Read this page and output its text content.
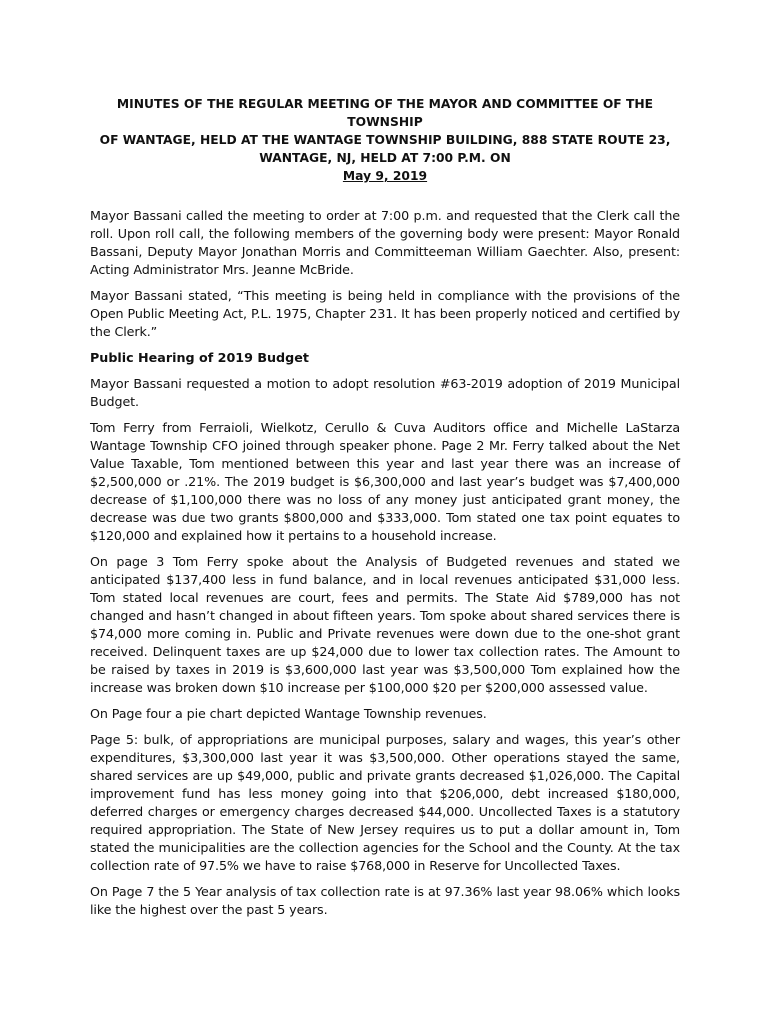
MINUTES OF THE REGULAR MEETING OF THE MAYOR AND COMMITTEE OF THE TOWNSHIP
OF WANTAGE, HELD AT THE WANTAGE TOWNSHIP BUILDING, 888 STATE ROUTE 23,
WANTAGE, NJ, HELD AT 7:00 P.M. ON
May 9, 2019

Mayor Bassani called the meeting to order at 7:00 p.m. and requested that the Clerk call the roll. Upon roll call, the following members of the governing body were present: Mayor Ronald Bassani, Deputy Mayor Jonathan Morris and Committeeman William Gaechter. Also, present: Acting Administrator Mrs. Jeanne McBride.

Mayor Bassani stated, “This meeting is being held in compliance with the provisions of the Open Public Meeting Act, P.L. 1975, Chapter 231. It has been properly noticed and certified by the Clerk.”

Public Hearing of 2019 Budget

Mayor Bassani requested a motion to adopt resolution #63-2019 adoption of 2019 Municipal Budget.

Tom Ferry from Ferraioli, Wielkotz, Cerullo & Cuva Auditors office and Michelle LaStarza Wantage Township CFO joined through speaker phone. Page 2 Mr. Ferry talked about the Net Value Taxable, Tom mentioned between this year and last year there was an increase of $2,500,000 or .21%. The 2019 budget is $6,300,000 and last year’s budget was $7,400,000 decrease of $1,100,000 there was no loss of any money just anticipated grant money, the decrease was due two grants $800,000 and $333,000. Tom stated one tax point equates to $120,000 and explained how it pertains to a household increase.

On page 3 Tom Ferry spoke about the Analysis of Budgeted revenues and stated we anticipated $137,400 less in fund balance, and in local revenues anticipated $31,000 less. Tom stated local revenues are court, fees and permits. The State Aid $789,000 has not changed and hasn’t changed in about fifteen years. Tom spoke about shared services there is $74,000 more coming in. Public and Private revenues were down due to the one-shot grant received. Delinquent taxes are up $24,000 due to lower tax collection rates. The Amount to be raised by taxes in 2019 is $3,600,000 last year was $3,500,000 Tom explained how the increase was broken down $10 increase per $100,000 $20 per $200,000 assessed value.

On Page four a pie chart depicted Wantage Township revenues.

Page 5: bulk, of appropriations are municipal purposes, salary and wages, this year’s other expenditures, $3,300,000 last year it was $3,500,000. Other operations stayed the same, shared services are up $49,000, public and private grants decreased $1,026,000. The Capital improvement fund has less money going into that $206,000, debt increased $180,000, deferred charges or emergency charges decreased $44,000. Uncollected Taxes is a statutory required appropriation. The State of New Jersey requires us to put a dollar amount in, Tom stated the municipalities are the collection agencies for the School and the County. At the tax collection rate of 97.5% we have to raise $768,000 in Reserve for Uncollected Taxes.

On Page 7 the 5 Year analysis of tax collection rate is at 97.36% last year 98.06% which looks like the highest over the past 5 years.
